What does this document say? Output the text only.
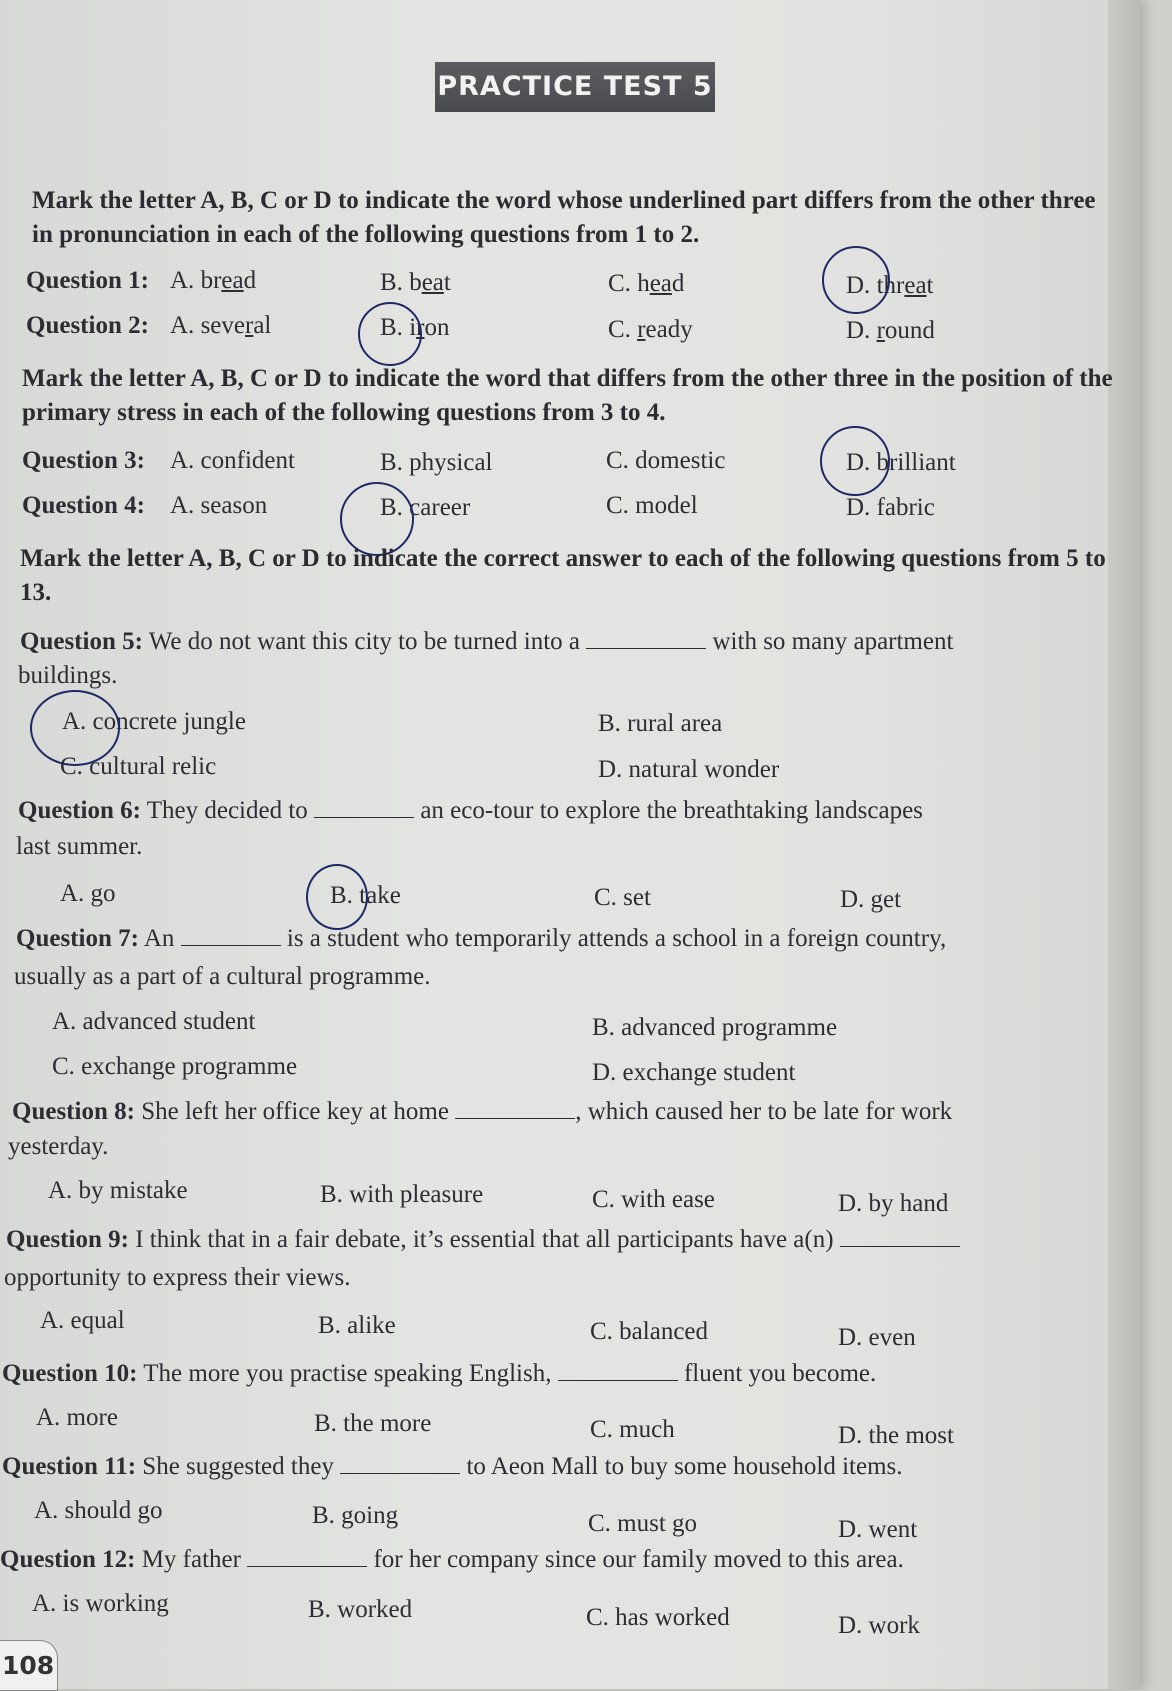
PRACTICE TEST 5
Mark the letter A, B, C or D to indicate the word whose underlined part differs from the other three in pronunciation in each of the following questions from 1 to 2.
Question 1: A. bread	B. beat	C. head	D. threat
Question 2: A. several	B. iron	C. ready	D. round
Mark the letter A, B, C or D to indicate the word that differs from the other three in the position of the primary stress in each of the following questions from 3 to 4.
Question 3: A. confident	B. physical	C. domestic	D. brilliant
Question 4: A. season	B. career	C. model	D. fabric
Mark the letter A, B, C or D to indicate the correct answer to each of the following questions from 5 to 13.
Question 5: We do not want this city to be turned into a	with so many apartment
buildings.
A. concrete jungle	B. rural area
C. cultural relic	D. natural wonder
Question 6: They decided to	an eco-tour to explore the breathtaking landscapes
last summer.
A. go	B. take	C. set	D. get
Question 7: An	is a student who temporarily attends a school in a foreign country,
usually as a part of a cultural programme.
A. advanced student	B. advanced programme
C. exchange programme	D. exchange student
Question 8: She left her office key at home	, which caused her to be late for work
yesterday.
A. by mistake	B. with pleasure	C. with ease	D. by hand
Question 9: I think that in a fair debate, it’s essential that all participants have a(n)
opportunity to express their views.
A. equal	B. alike	C. balanced	D. even
Question 10: The more you practise speaking English,	fluent you become.
A. more	B. the more	C. much	D. the most
Question 11: She suggested they	to Aeon Mall to buy some household items.
A. should go	B. going	C. must go	D. went
Question 12: My father	for her company since our family moved to this area.
A. is working	B. worked	C. has worked	D. work
108
